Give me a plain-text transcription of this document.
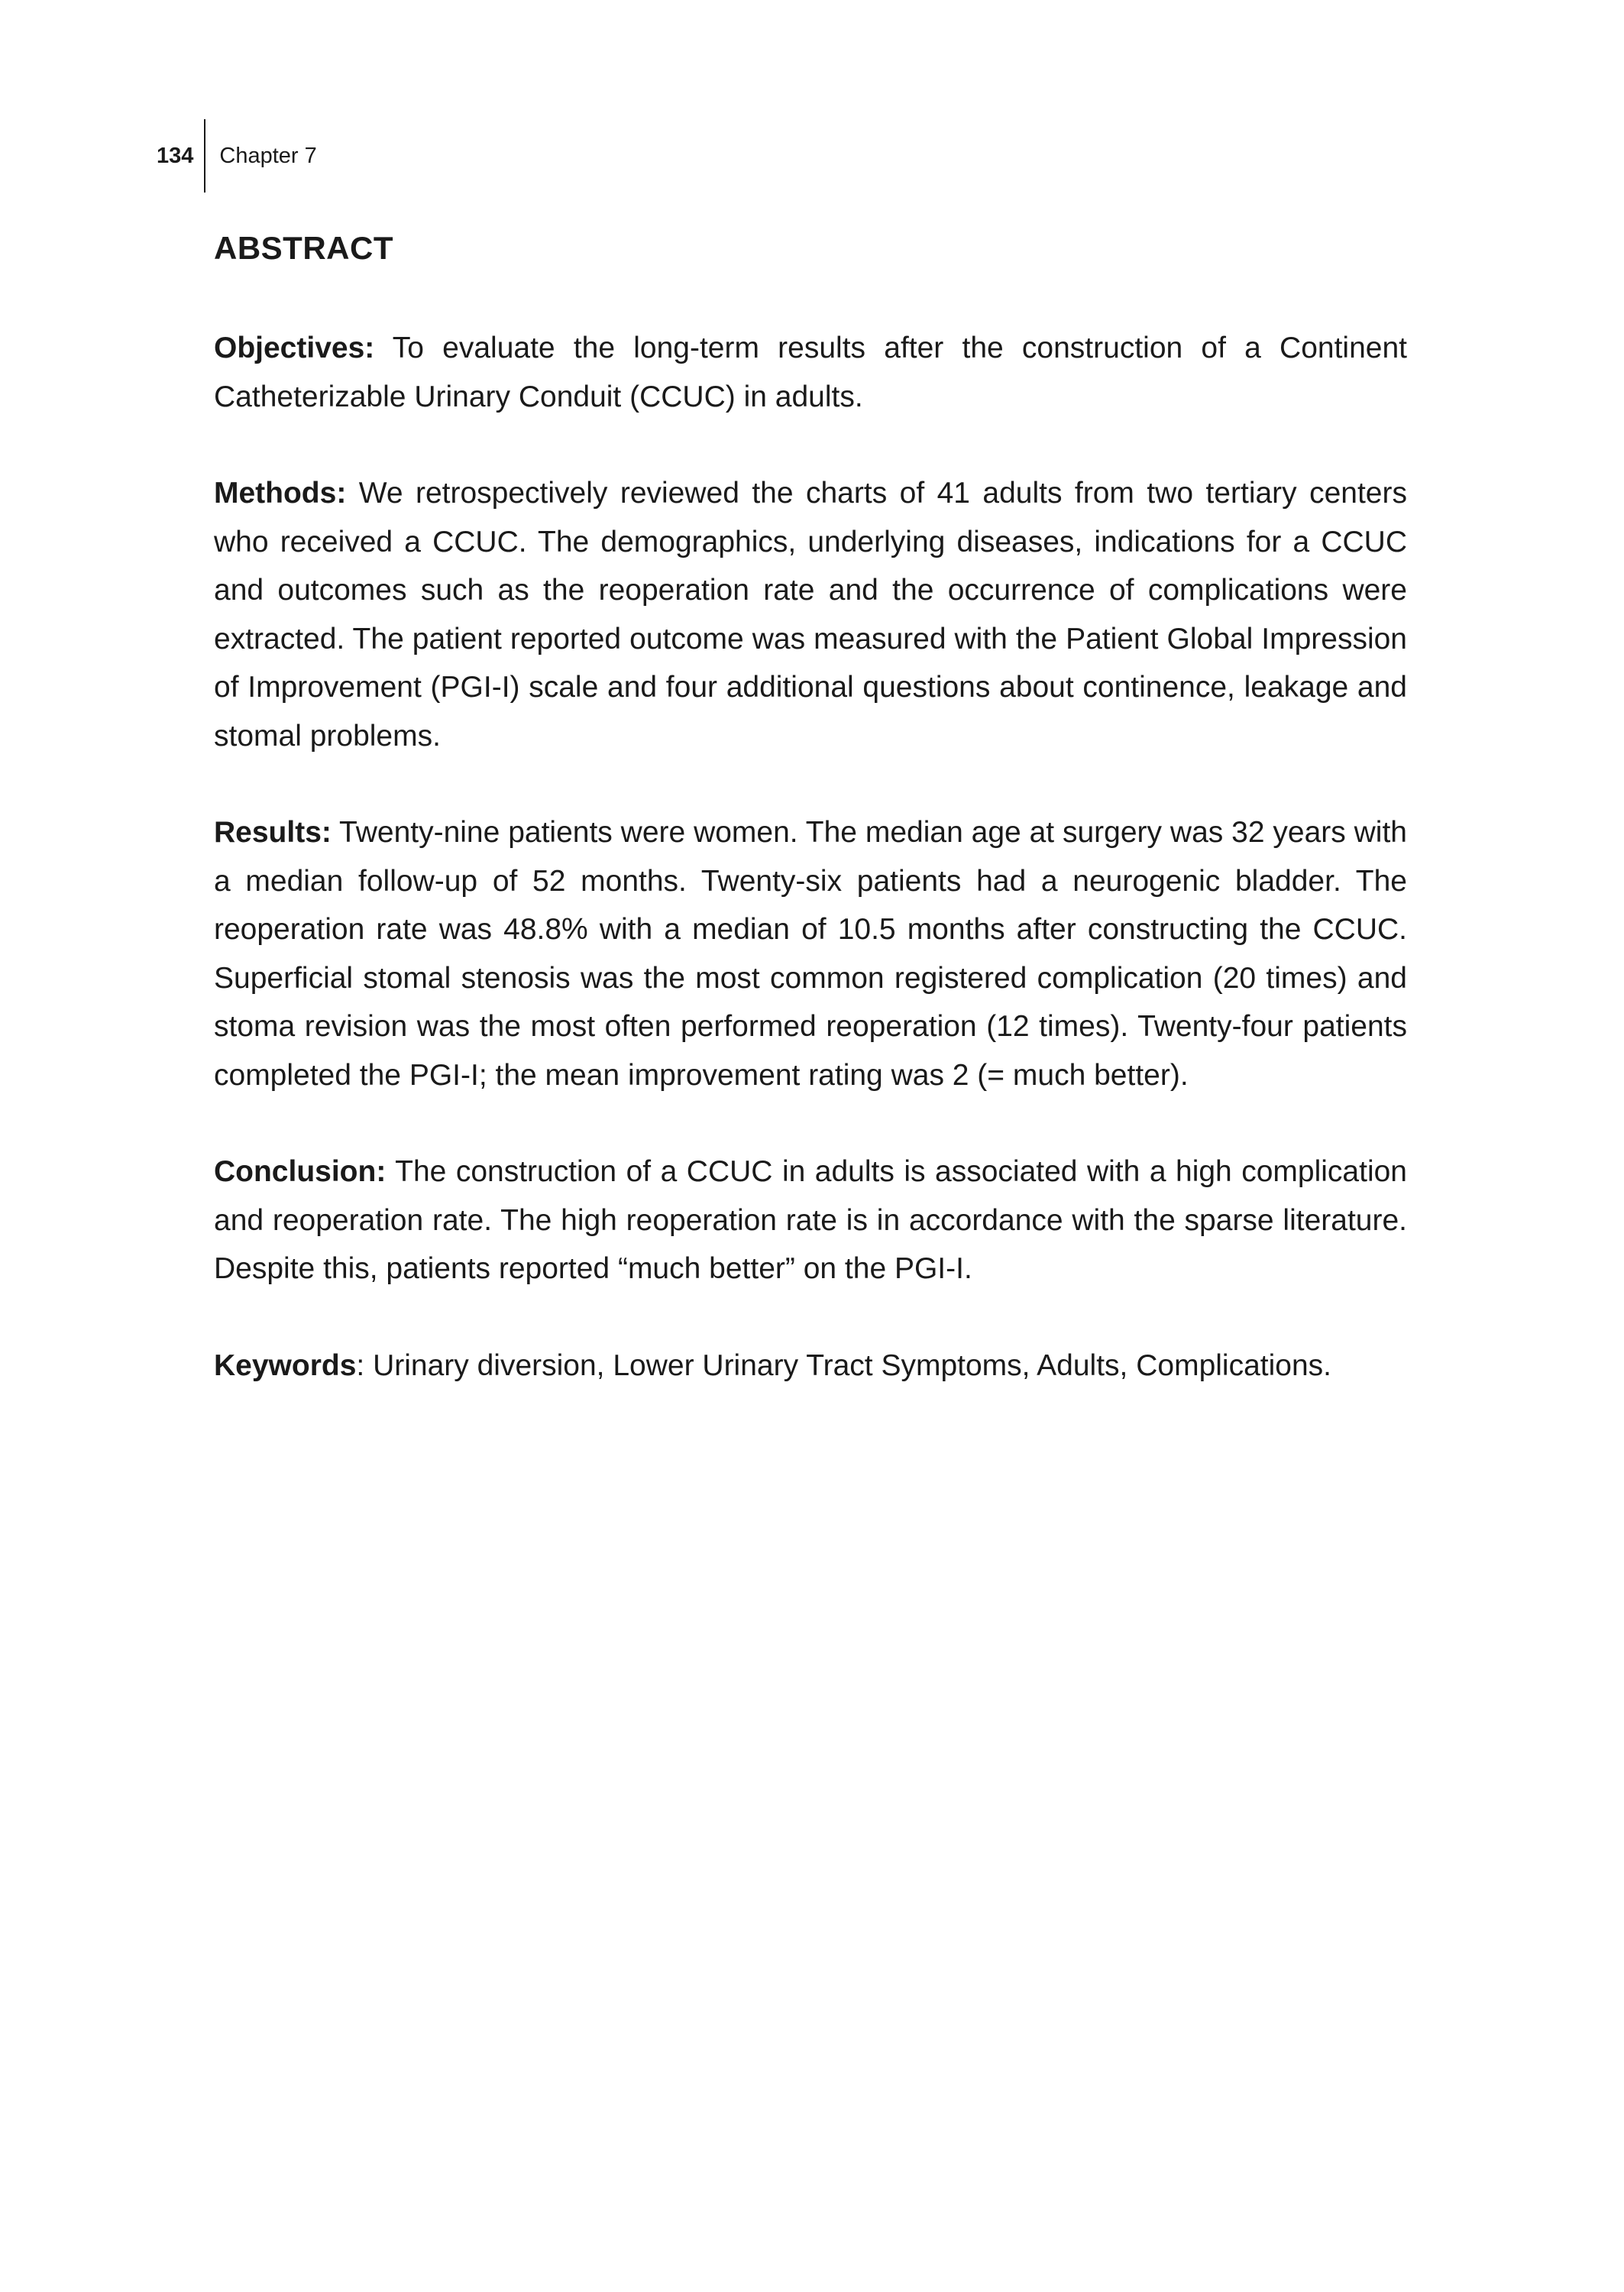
134	Chapter 7
ABSTRACT

Objectives: To evaluate the long-term results after the construction of a Continent Catheterizable Urinary Conduit (CCUC) in adults.

Methods: We retrospectively reviewed the charts of 41 adults from two tertiary centers who received a CCUC. The demographics, underlying diseases, indications for a CCUC and outcomes such as the reoperation rate and the occurrence of complications were extracted. The patient reported outcome was measured with the Patient Global Impression of Improvement (PGI-I) scale and four additional questions about continence, leakage and stomal problems.

Results: Twenty-nine patients were women. The median age at surgery was 32 years with a median follow-up of 52 months. Twenty-six patients had a neurogenic bladder. The reoperation rate was 48.8% with a median of 10.5 months after constructing the CCUC. Superficial stomal stenosis was the most common registered complication (20 times) and stoma revision was the most often performed reoperation (12 times). Twenty-four patients completed the PGI-I; the mean improvement rating was 2 (= much better).

Conclusion: The construction of a CCUC in adults is associated with a high complication and reoperation rate. The high reoperation rate is in accordance with the sparse literature. Despite this, patients reported “much better” on the PGI-I.

Keywords: Urinary diversion, Lower Urinary Tract Symptoms, Adults, Complications.
